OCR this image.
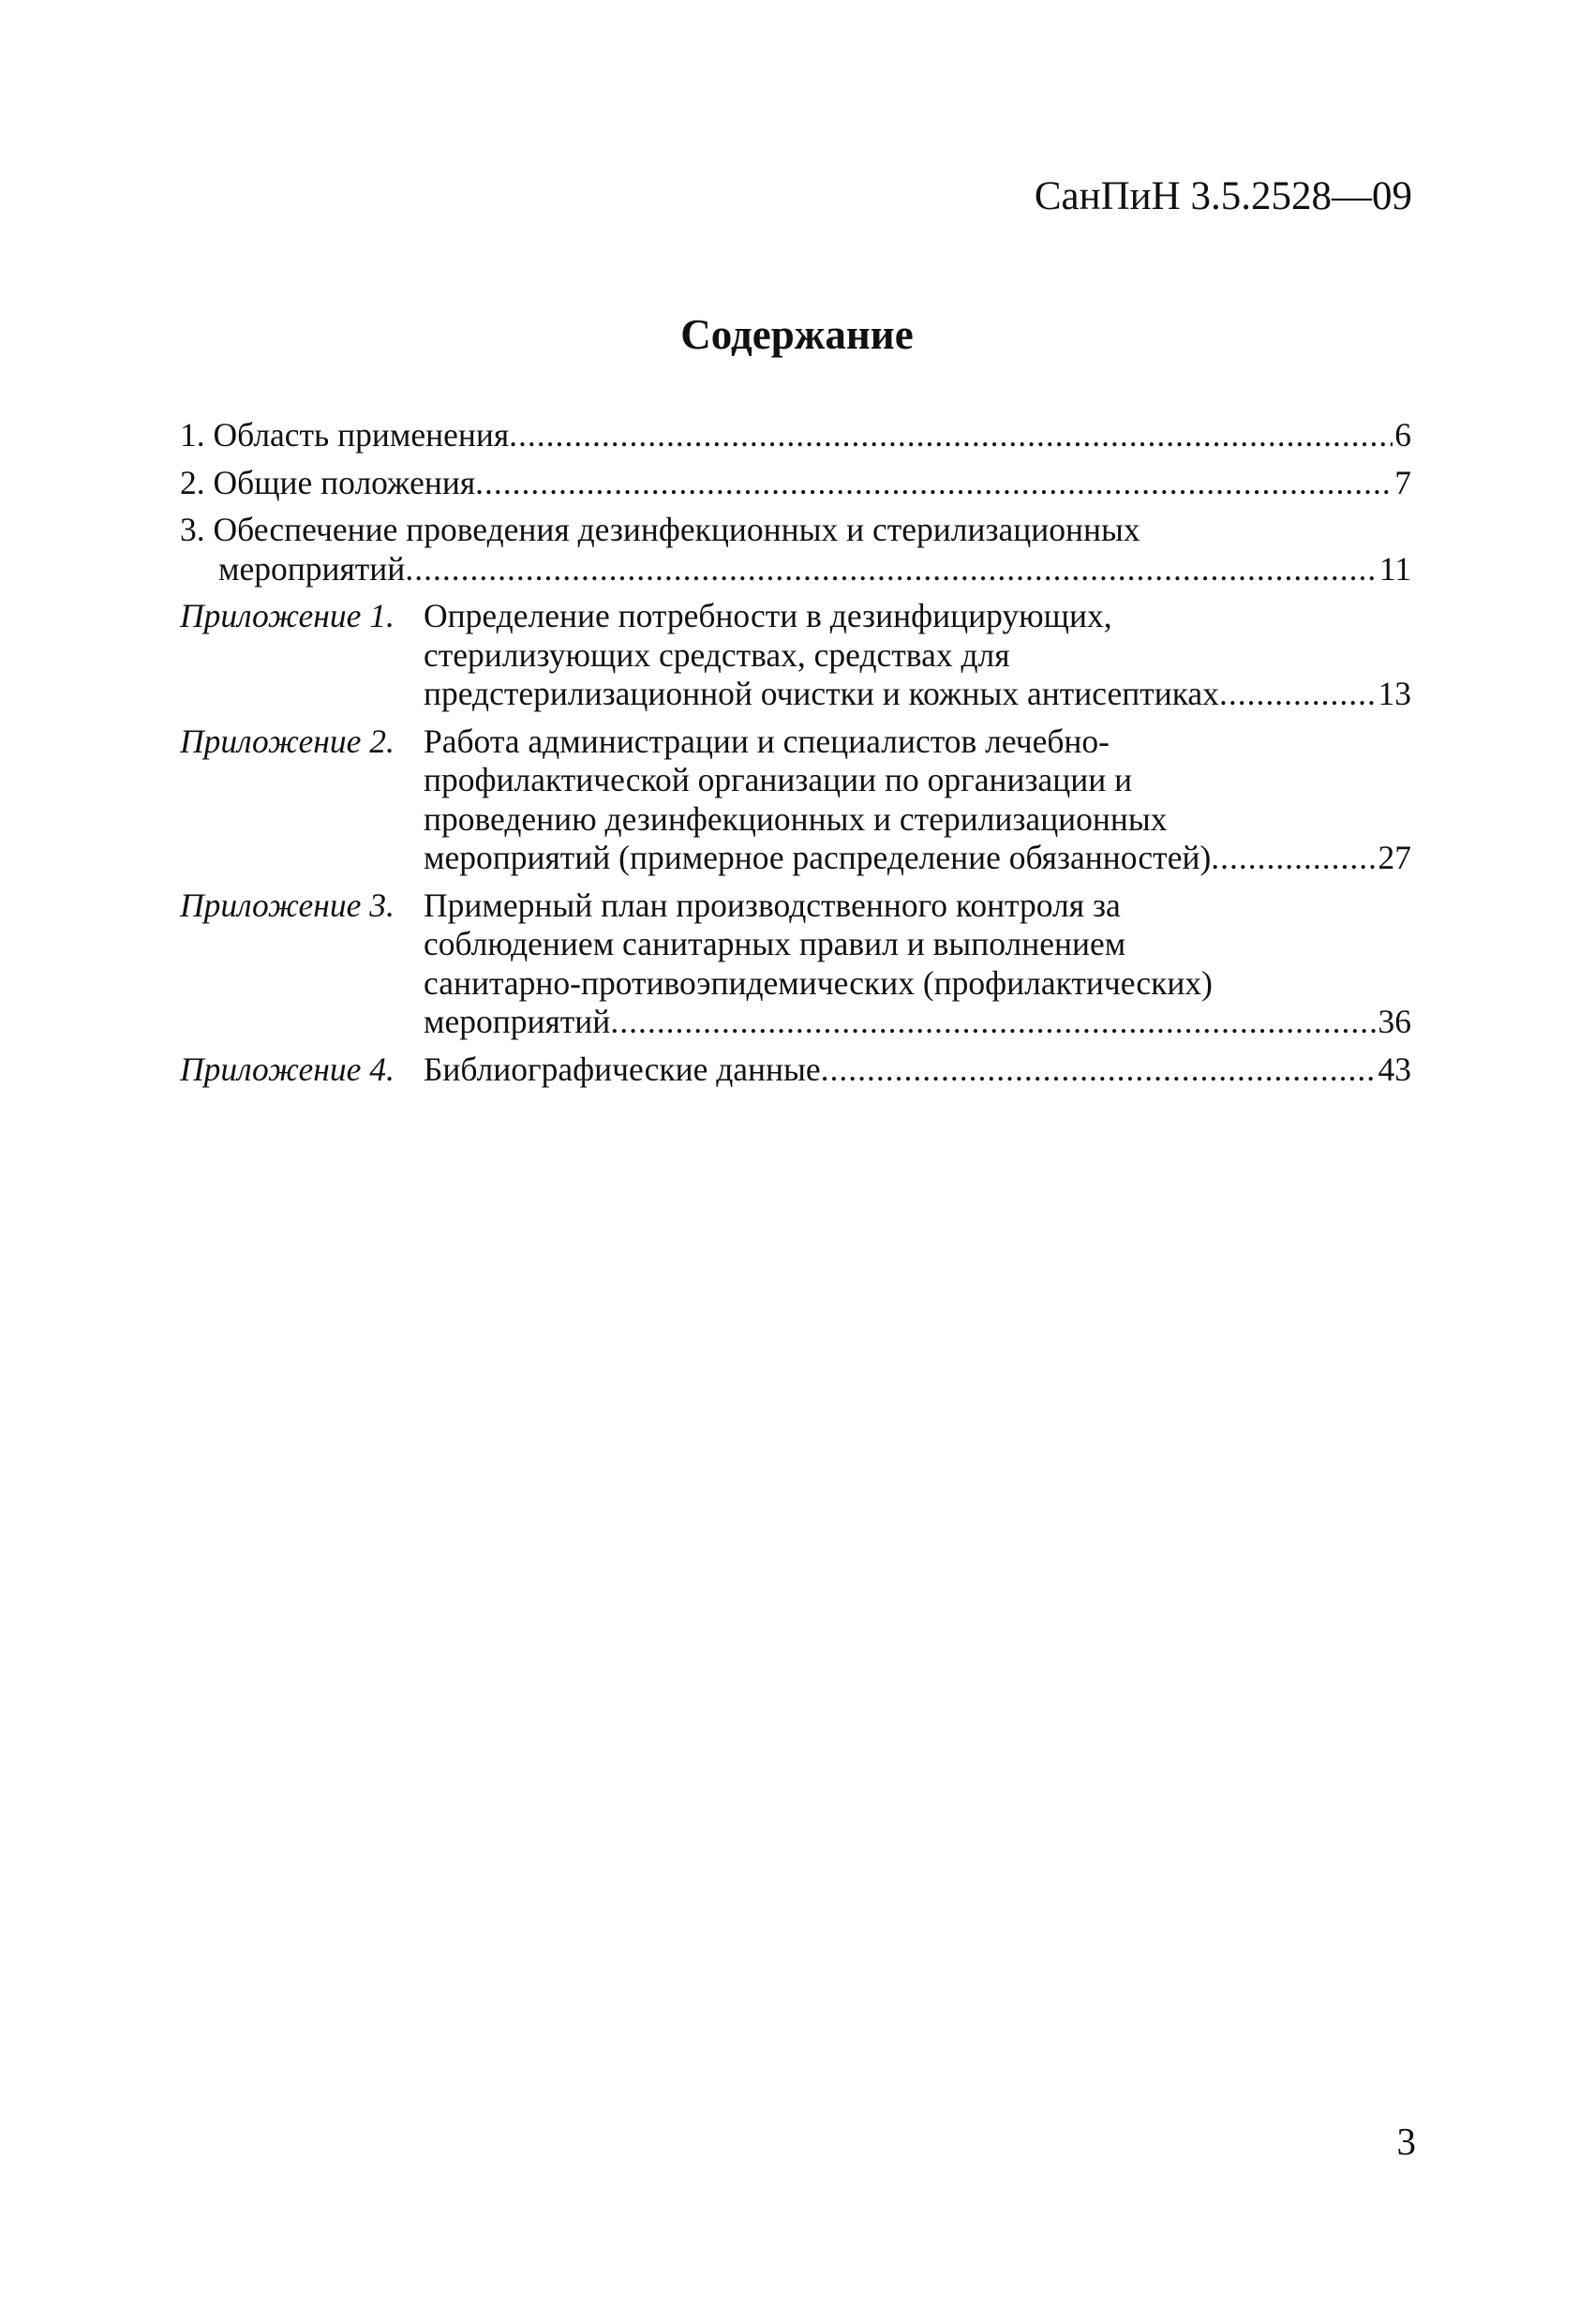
СанПиН 3.5.2528—09
Содержание
1. Область применения .....	6
2. Общие положения .....	7
3. Обеспечение проведения дезинфекционных и стерилизационных
мероприятий .....	11
Приложение 1. Определение потребности в дезинфицирующих,
стерилизующих средствах, средствах для
предстерилизационной очистки и кожных антисептиках .....	13
Приложение 2. Работа администрации и специалистов лечебно-
профилактической организации по организации и
проведению дезинфекционных и стерилизационных
мероприятий (примерное распределение обязанностей) .....	27
Приложение 3. Примерный план производственного контроля за
соблюдением санитарных правил и выполнением
санитарно-противоэпидемических (профилактических)
мероприятий .....	36
Приложение 4. Библиографические данные .....	43
3
